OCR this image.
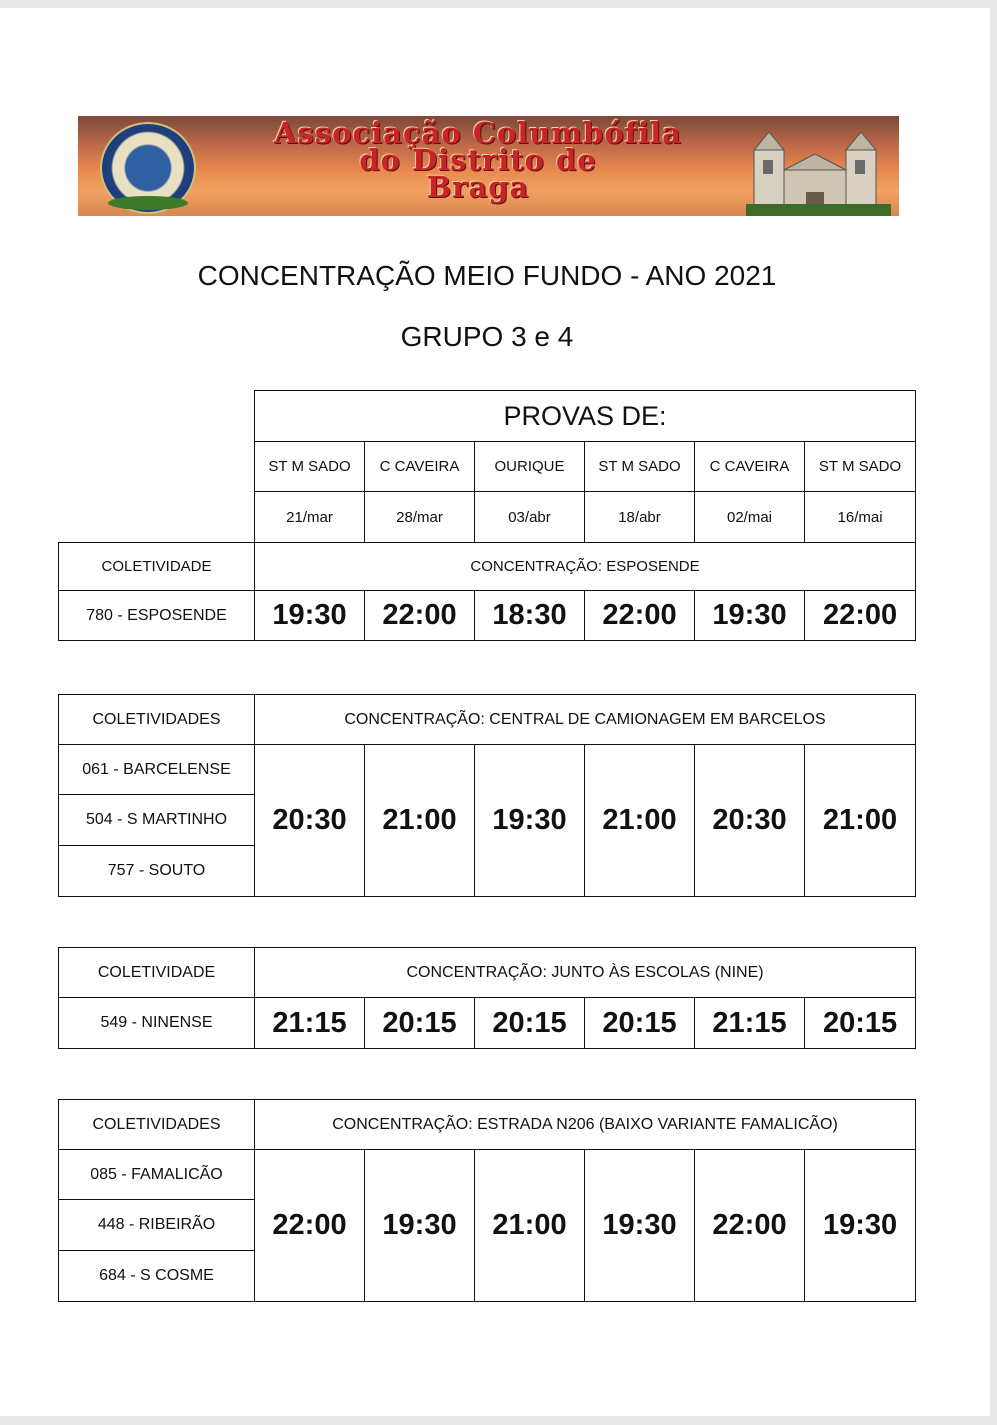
Associação Columbófila
do Distrito de
Braga
CONCENTRAÇÃO MEIO FUNDO - ANO 2021
GRUPO 3 e 4
	PROVAS DE:					
	ST M SADO	C CAVEIRA	OURIQUE	ST M SADO	C CAVEIRA	ST M SADO
	21/mar	28/mar	03/abr	18/abr	02/mai	16/mai
COLETIVIDADE	CONCENTRAÇÃO: ESPOSENDE					
780 - ESPOSENDE	19:30	22:00	18:30	22:00	19:30	22:00
COLETIVIDADES	CONCENTRAÇÃO: CENTRAL DE CAMIONAGEM EM BARCELOS					
061 - BARCELENSE	20:30	21:00	19:30	21:00	20:30	21:00
504 - S MARTINHO						
757 - SOUTO						
COLETIVIDADE	CONCENTRAÇÃO: JUNTO ÀS ESCOLAS (NINE)					
549 - NINENSE	21:15	20:15	20:15	20:15	21:15	20:15
COLETIVIDADES	CONCENTRAÇÃO: ESTRADA N206 (BAIXO VARIANTE FAMALICÃO)					
085 - FAMALICÃO	22:00	19:30	21:00	19:30	22:00	19:30
448 - RIBEIRÃO						
684 - S COSME						
